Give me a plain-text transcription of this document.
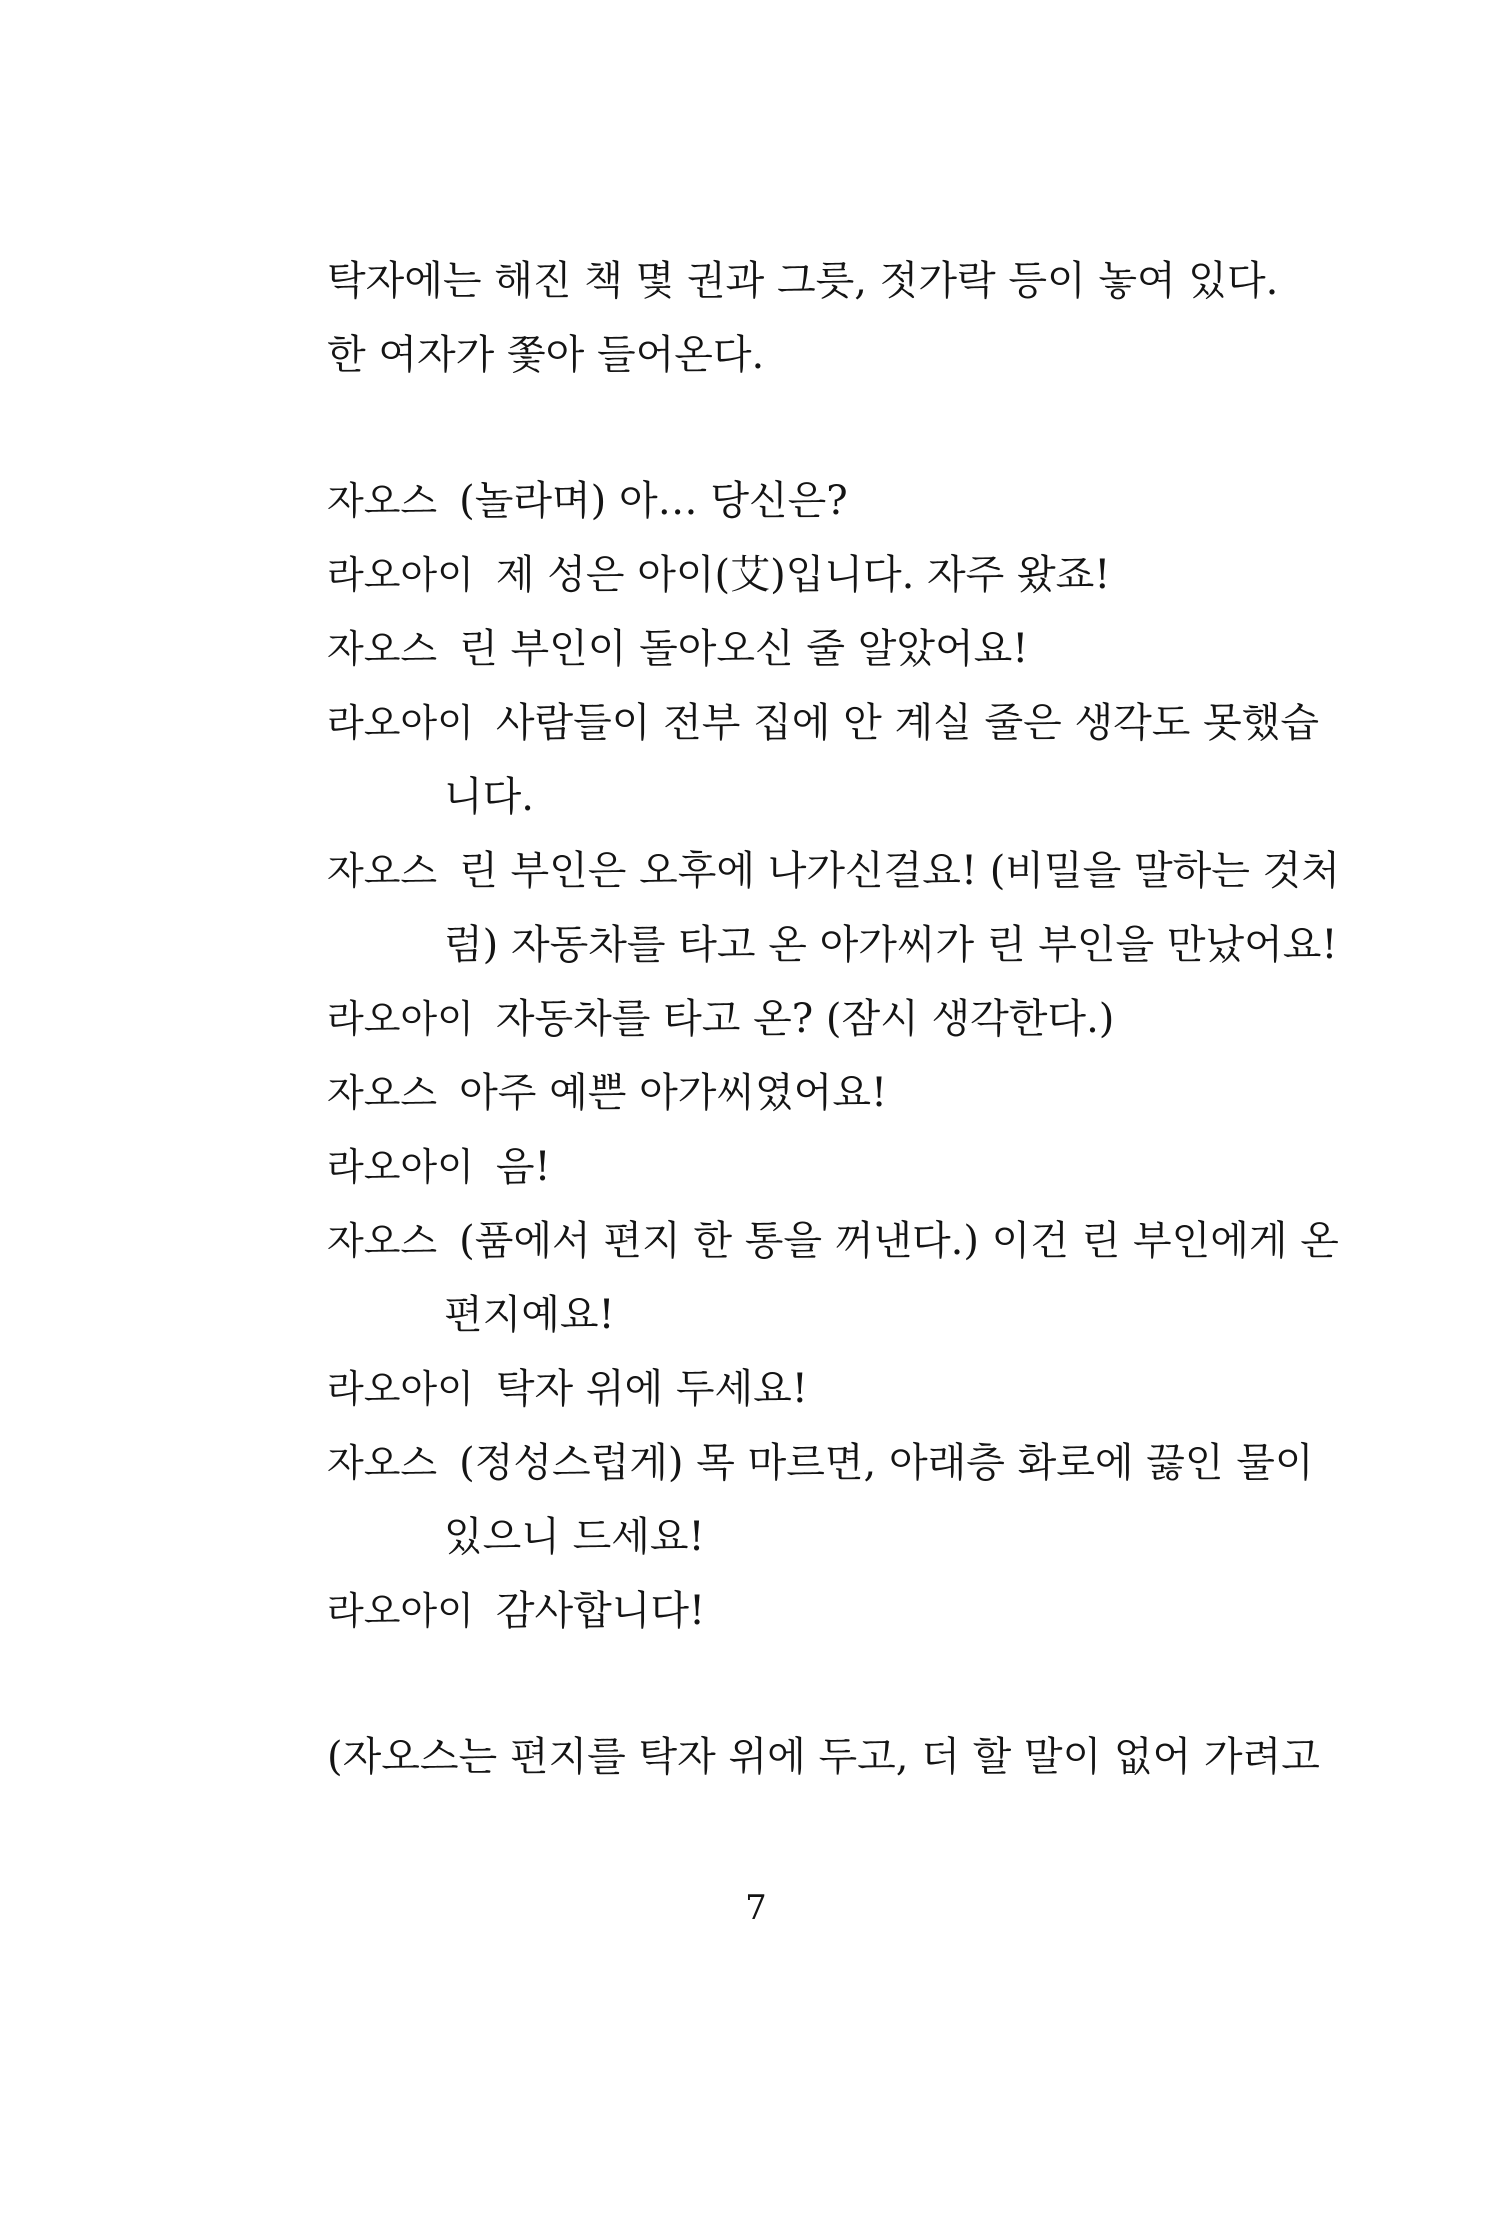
탁자에는 해진 책 몇 권과 그릇, 젓가락 등이 놓여 있다.
한 여자가 쫓아 들어온다.
자오스 (놀라며) 아… 당신은?
라오아이 제 성은 아이(艾)입니다. 자주 왔죠!
자오스 린 부인이 돌아오신 줄 알았어요!
라오아이 사람들이 전부 집에 안 계실 줄은 생각도 못했습
니다.
자오스 린 부인은 오후에 나가신걸요! (비밀을 말하는 것처
럼) 자동차를 타고 온 아가씨가 린 부인을 만났어요!
라오아이 자동차를 타고 온? (잠시 생각한다.)
자오스 아주 예쁜 아가씨였어요!
라오아이 음!
자오스 (품에서 편지 한 통을 꺼낸다.) 이건 린 부인에게 온
편지예요!
라오아이 탁자 위에 두세요!
자오스 (정성스럽게) 목 마르면, 아래층 화로에 끓인 물이
있으니 드세요!
라오아이 감사합니다!
(자오스는 편지를 탁자 위에 두고, 더 할 말이 없어 가려고
7
